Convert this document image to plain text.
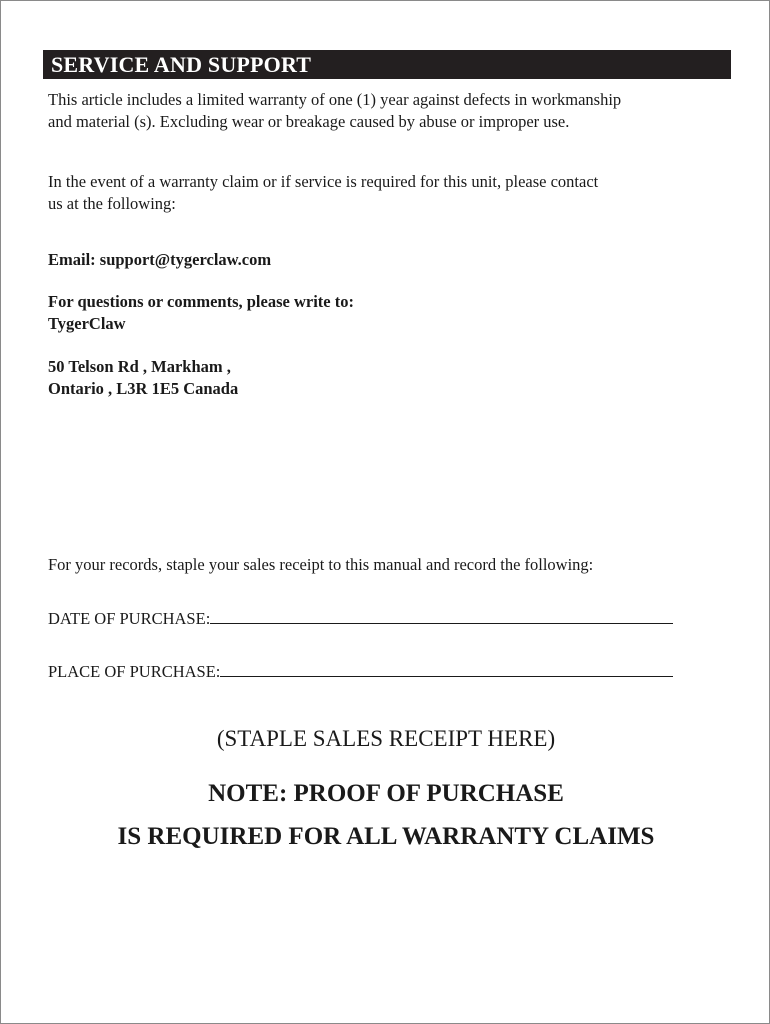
SERVICE AND SUPPORT
This article includes a limited warranty of one (1) year against defects in workmanship
and material (s). Excluding wear or breakage caused by abuse or improper use.
In the event of a warranty claim or if service is required for this unit, please contact
us at the following:
Email: support@tygerclaw.com
For questions or comments, please write to:
TygerClaw
50 Telson Rd , Markham ,
Ontario , L3R 1E5 Canada
For your records, staple your sales receipt to this manual and record the following:
DATE OF PURCHASE:
PLACE OF PURCHASE:
(STAPLE SALES RECEIPT HERE)
NOTE: PROOF OF PURCHASE
IS REQUIRED FOR ALL WARRANTY CLAIMS
